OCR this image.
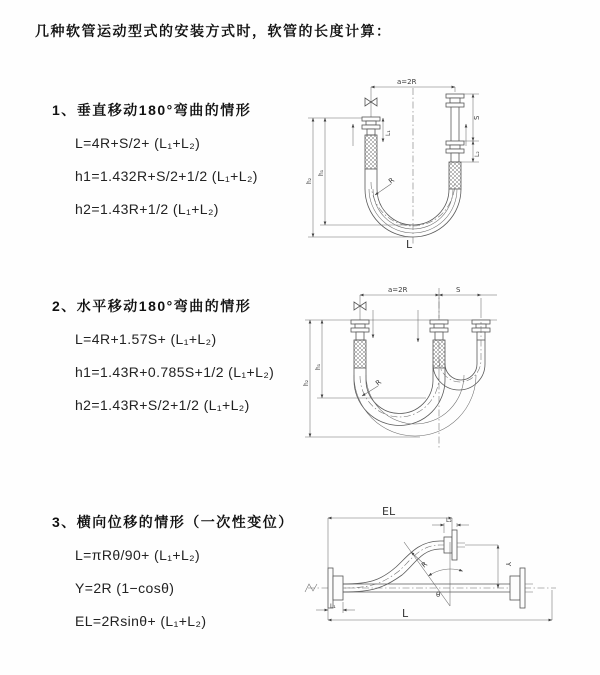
几种软管运动型式的安装方式时，软管的长度计算：
1、垂直移动180°弯曲的情形
L=4R+S/2+ (L₁+L₂)
h1=1.432R+S/2+1/2 (L₁+L₂)
h2=1.43R+1/2 (L₁+L₂)
2、水平移动180°弯曲的情形
L=4R+1.57S+ (L₁+L₂)
h1=1.43R+0.785S+1/2 (L₁+L₂)
h2=1.43R+S/2+1/2 (L₁+L₂)
3、横向位移的情形（一次性变位）
L=πRθ/90+ (L₁+L₂)
Y=2R (1−cosθ)
EL=2Rsinθ+ (L₁+L₂)
a=2R
S
L₂
L₁
h₂
h₁
R
L
a=2R	S
h₂
h₁
R
EL
L₂
Y
θ
R
L₁
L
